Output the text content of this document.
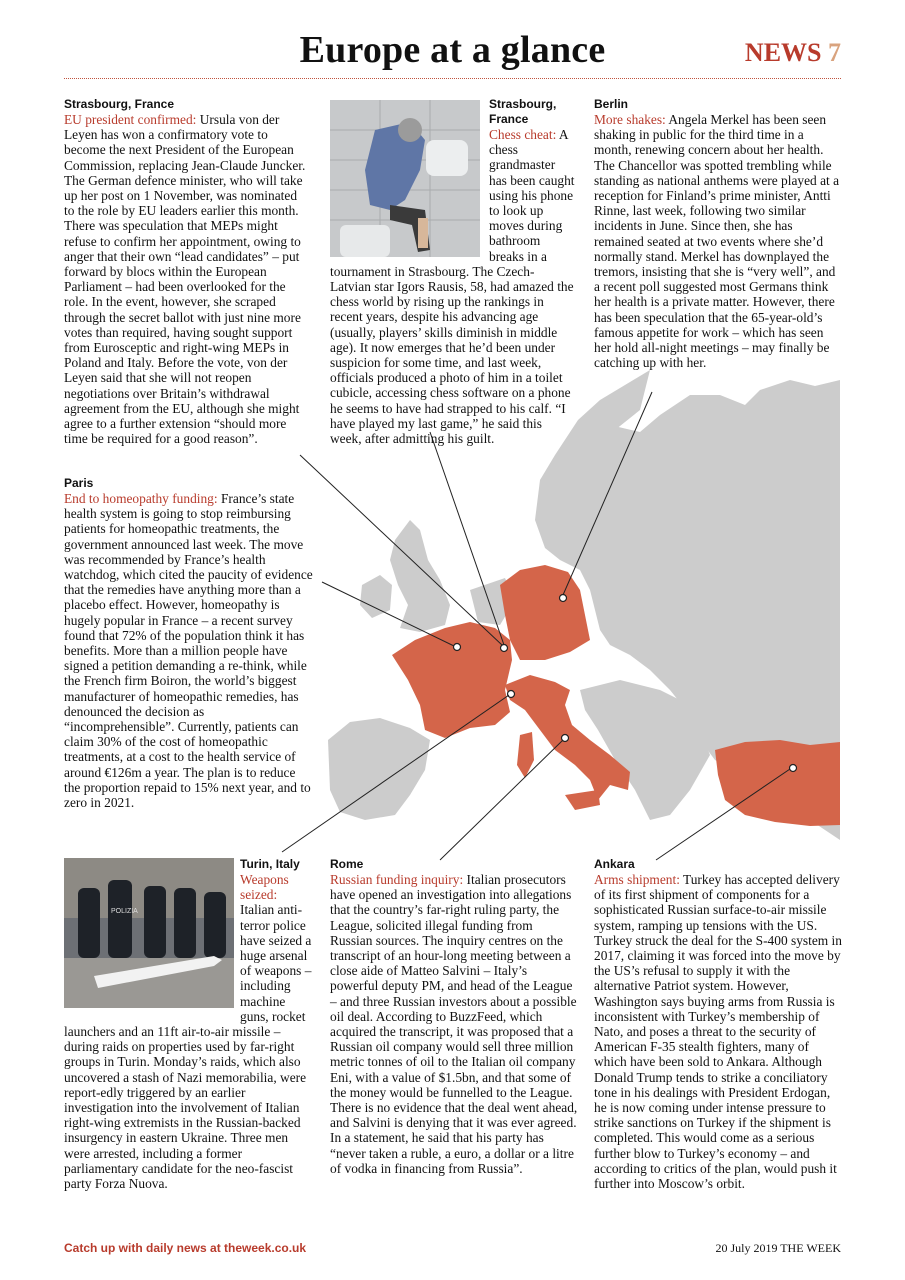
Europe at a glance	NEWS 7
Strasbourg, France

EU president confirmed: Ursula von der Leyen has won a confirmatory vote to become the next President of the European Commission, replacing Jean-Claude Juncker. The German defence minister, who will take up her post on 1 November, was nominated to the role by EU leaders earlier this month. There was speculation that MEPs might refuse to confirm her appointment, owing to anger that their own “lead candidates” – put forward by blocs within the European Parliament – had been overlooked for the role. In the event, however, she scraped through the secret ballot with just nine more votes than required, having sought support from Eurosceptic and right-wing MEPs in Poland and Italy. Before the vote, von der Leyen said that she will not reopen negotiations over Britain’s withdrawal agreement from the EU, although she might agree to a further extension “should more time be required for a good reason”.

Strasbourg, France
Chess cheat: A chess grandmaster has been caught using his phone to look up moves during bathroom breaks in a tournament in Strasbourg. The Czech-Latvian star Igors Rausis, 58, had amazed the chess world by rising up the rankings in recent years, despite his advancing age (usually, players’ skills diminish in middle age). It now emerges that he’d been under suspicion for some time, and last week, officials produced a photo of him in a toilet cubicle, accessing chess software on a phone he seems to have had strapped to his calf. “I have played my last game,” he said this week, after admitting his guilt.
Berlin

More shakes: Angela Merkel has been seen shaking in public for the third time in a month, renewing concern about her health. The Chancellor was spotted trembling while standing as national anthems were played at a reception for Finland’s prime minister, Antti Rinne, last week, following two similar incidents in June. Since then, she has remained seated at two events where she’d normally stand. Merkel has downplayed the tremors, insisting that she is “very well”, and a recent poll suggested most Germans think her health is a private matter. However, there has been speculation that the 65-year-old’s famous appetite for work – which has seen her hold all-night meetings – may finally be catching up with her.

Paris

End to homeopathy funding: France’s state health system is going to stop reimbursing patients for homeopathic treatments, the government announced last week. The move was recommended by France’s health watchdog, which cited the paucity of evidence that the remedies have anything more than a placebo effect. However, homeopathy is hugely popular in France – a recent survey found that 72% of the population think it has benefits. More than a million people have signed a petition demanding a re-think, while the French firm Boiron, the world’s biggest manufacturer of homeopathic remedies, has denounced the decision as “incomprehensible”. Currently, patients can claim 30% of the cost of homeopathic treatments, at a cost to the health service of around €126m a year. The plan is to reduce the proportion repaid to 15% next year, and to zero in 2021.

POLIZIA
Turin, Italy
Weapons seized: Italian anti-terror police have seized a huge arsenal of weapons – including machine guns, rocket launchers and an 11ft air-to-air missile – during raids on properties used by far-right groups in Turin. Monday’s raids, which also uncovered a stash of Nazi memorabilia, were report-edly triggered by an earlier investigation into the involvement of Italian right-wing extremists in the Russian-backed insurgency in eastern Ukraine. Three men were arrested, including a former parliamentary candidate for the neo-fascist party Forza Nuova.
Rome

Russian funding inquiry: Italian prosecutors have opened an investigation into allegations that the country’s far-right ruling party, the League, solicited illegal funding from Russian sources. The inquiry centres on the transcript of an hour-long meeting between a close aide of Matteo Salvini – Italy’s powerful deputy PM, and head of the League – and three Russian investors about a possible oil deal. According to BuzzFeed, which acquired the transcript, it was proposed that a Russian oil company would sell three million metric tonnes of oil to the Italian oil company Eni, with a value of $1.5bn, and that some of the money would be funnelled to the League. There is no evidence that the deal went ahead, and Salvini is denying that it was ever agreed. In a statement, he said that his party has “never taken a ruble, a euro, a dollar or a litre of vodka in financing from Russia”.

Ankara

Arms shipment: Turkey has accepted delivery of its first shipment of components for a sophisticated Russian surface-to-air missile system, ramping up tensions with the US. Turkey struck the deal for the S-400 system in 2017, claiming it was forced into the move by the US’s refusal to supply it with the alternative Patriot system. However, Washington says buying arms from Russia is inconsistent with Turkey’s membership of Nato, and poses a threat to the security of American F-35 stealth fighters, many of which have been sold to Ankara. Although Donald Trump tends to strike a conciliatory tone in his dealings with President Erdogan, he is now coming under intense pressure to strike sanctions on Turkey if the shipment is completed. This would come as a serious further blow to Turkey’s economy – and according to critics of the plan, would push it further into Moscow’s orbit.

Catch up with daily news at theweek.co.uk	20 July 2019 THE WEEK
